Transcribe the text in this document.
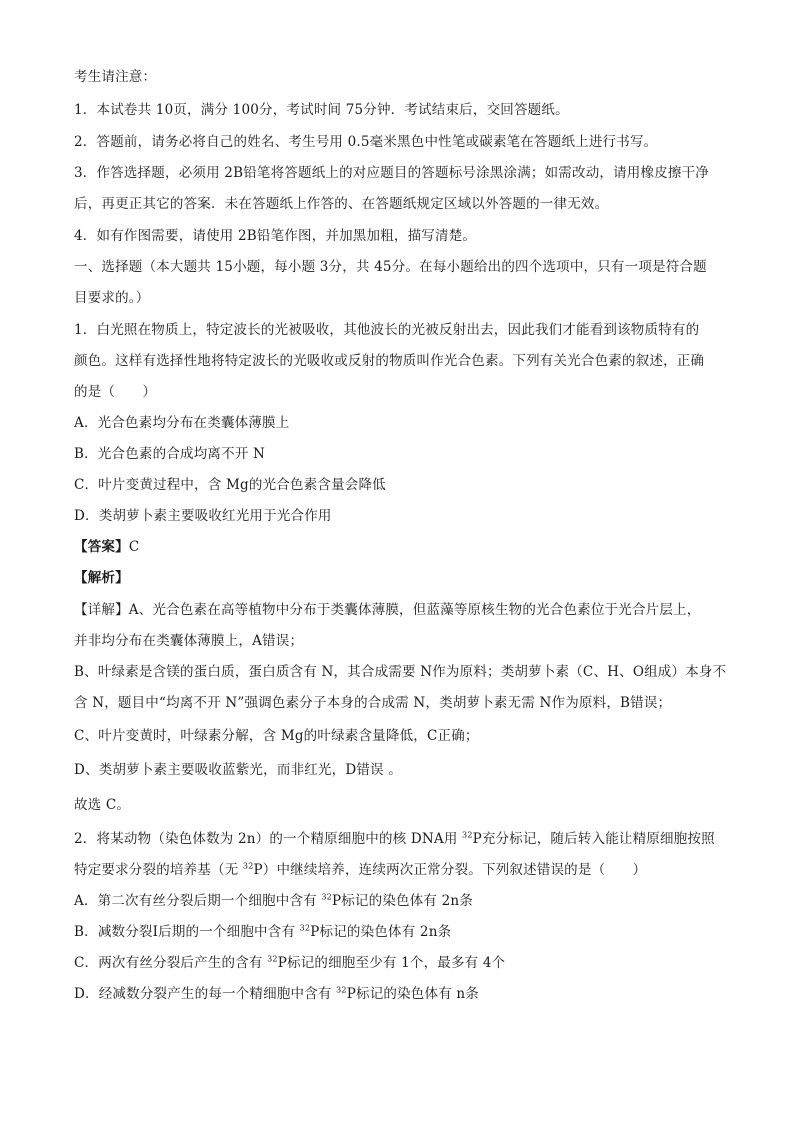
考生请注意：
1．本试卷共 10页，满分 100分，考试时间 75分钟．考试结束后，交回答题纸。
2．答题前，请务必将自己的姓名、考生号用 0.5毫米黑色中性笔或碳素笔在答题纸上进行书写。
3．作答选择题，必须用 2B铅笔将答题纸上的对应题目的答题标号涂黑涂满；如需改动，请用橡皮擦干净
后，再更正其它的答案．未在答题纸上作答的、在答题纸规定区域以外答题的一律无效。
4．如有作图需要，请使用 2B铅笔作图，并加黑加粗，描写清楚。
一、选择题（本大题共 15小题，每小题 3分，共 45分。在每小题给出的四个选项中，只有一项是符合题
目要求的。）
1．白光照在物质上，特定波长的光被吸收，其他波长的光被反射出去，因此我们才能看到该物质特有的
颜色。这样有选择性地将特定波长的光吸收或反射的物质叫作光合色素。下列有关光合色素的叙述，正确
的是（　　）
A．光合色素均分布在类囊体薄膜上
B．光合色素的合成均离不开 N
C．叶片变黄过程中，含 Mg的光合色素含量会降低
D．类胡萝卜素主要吸收红光用于光合作用
【答案】C
【解析】
【详解】A、光合色素在高等植物中分布于类囊体薄膜，但蓝藻等原核生物的光合色素位于光合片层上，
并非均分布在类囊体薄膜上，A错误；
B、叶绿素是含镁的蛋白质，蛋白质含有 N，其合成需要 N作为原料；类胡萝卜素（C、H、O组成）本身不
含 N，题目中“均离不开 N”强调色素分子本身的合成需 N，类胡萝卜素无需 N作为原料，B错误；
C、叶片变黄时，叶绿素分解，含 Mg的叶绿素含量降低，C正确；
D、类胡萝卜素主要吸收蓝紫光，而非红光，D错误 。
故选 C。
2．将某动物（染色体数为 2n）的一个精原细胞中的核 DNA用 $^{32}$P充分标记，随后转入能让精原细胞按照
特定要求分裂的培养基（无 $^{32}$P）中继续培养，连续两次正常分裂。下列叙述错误的是（　　）
A．第二次有丝分裂后期一个细胞中含有 $^{32}$P标记的染色体有 2n条
B．减数分裂Ⅰ后期的一个细胞中含有 $^{32}$P标记的染色体有 2n条
C．两次有丝分裂后产生的含有 $^{32}$P标记的细胞至少有 1个，最多有 4个
D．经减数分裂产生的每一个精细胞中含有 $^{32}$P标记的染色体有 n条
